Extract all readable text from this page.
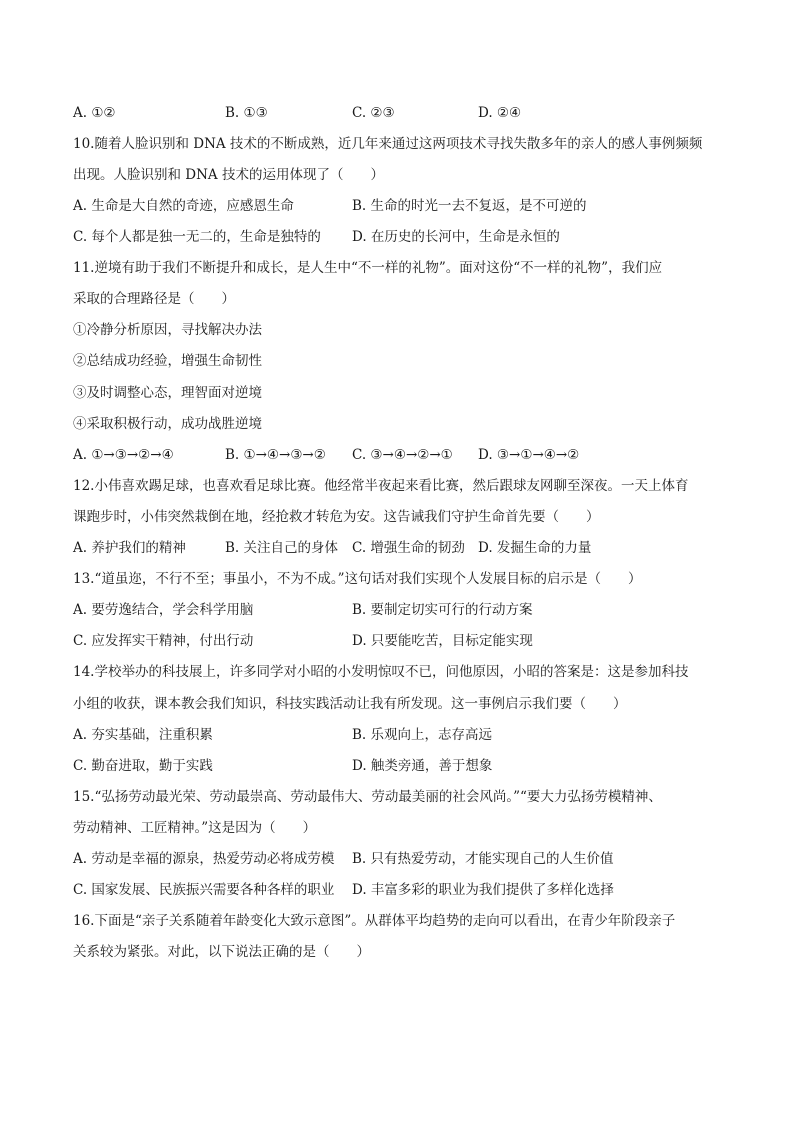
A. ①②	B. ①③	C. ②③	D. ②④
10.随着人脸识别和 DNA 技术的不断成熟，近几年来通过这两项技术寻找失散多年的亲人的感人事例频频
出现。人脸识别和 DNA 技术的运用体现了（　　）
A. 生命是大自然的奇迹，应感恩生命	B. 生命的时光一去不复返，是不可逆的
C. 每个人都是独一无二的，生命是独特的 D. 在历史的长河中，生命是永恒的
11.逆境有助于我们不断提升和成长，是人生中“不一样的礼物”。面对这份“不一样的礼物”，我们应
采取的合理路径是（　　）
①冷静分析原因，寻找解决办法
②总结成功经验，增强生命韧性
③及时调整心态，理智面对逆境
④采取积极行动，成功战胜逆境
A. ①→③→②→④	B. ①→④→③→② C. ③→④→②→① D. ③→①→④→②
12.小伟喜欢踢足球，也喜欢看足球比赛。他经常半夜起来看比赛，然后跟球友网聊至深夜。一天上体育
课跑步时，小伟突然栽倒在地，经抢救才转危为安。这告诫我们守护生命首先要（　　）
A. 养护我们的精神	B. 关注自己的身体 C. 增强生命的韧劲 D. 发掘生命的力量
13.“道虽迩，不行不至；事虽小，不为不成。”这句话对我们实现个人发展目标的启示是（　　）
A. 要劳逸结合，学会科学用脑	B. 要制定切实可行的行动方案
C. 应发挥实干精神，付出行动	D. 只要能吃苦，目标定能实现
14.学校举办的科技展上，许多同学对小昭的小发明惊叹不已，问他原因，小昭的答案是：这是参加科技
小组的收获，课本教会我们知识，科技实践活动让我有所发现。这一事例启示我们要（　　）
A. 夯实基础，注重积累	B. 乐观向上，志存高远
C. 勤奋进取，勤于实践	D. 触类旁通，善于想象
15.“弘扬劳动最光荣、劳动最崇高、劳动最伟大、劳动最美丽的社会风尚。”“要大力弘扬劳模精神、
劳动精神、工匠精神。”这是因为（　　）
A. 劳动是幸福的源泉，热爱劳动必将成劳模 B. 只有热爱劳动，才能实现自己的人生价值
C. 国家发展、民族振兴需要各种各样的职业 D. 丰富多彩的职业为我们提供了多样化选择
16.下面是“亲子关系随着年龄变化大致示意图”。从群体平均趋势的走向可以看出，在青少年阶段亲子
关系较为紧张。对此，以下说法正确的是（　　）
